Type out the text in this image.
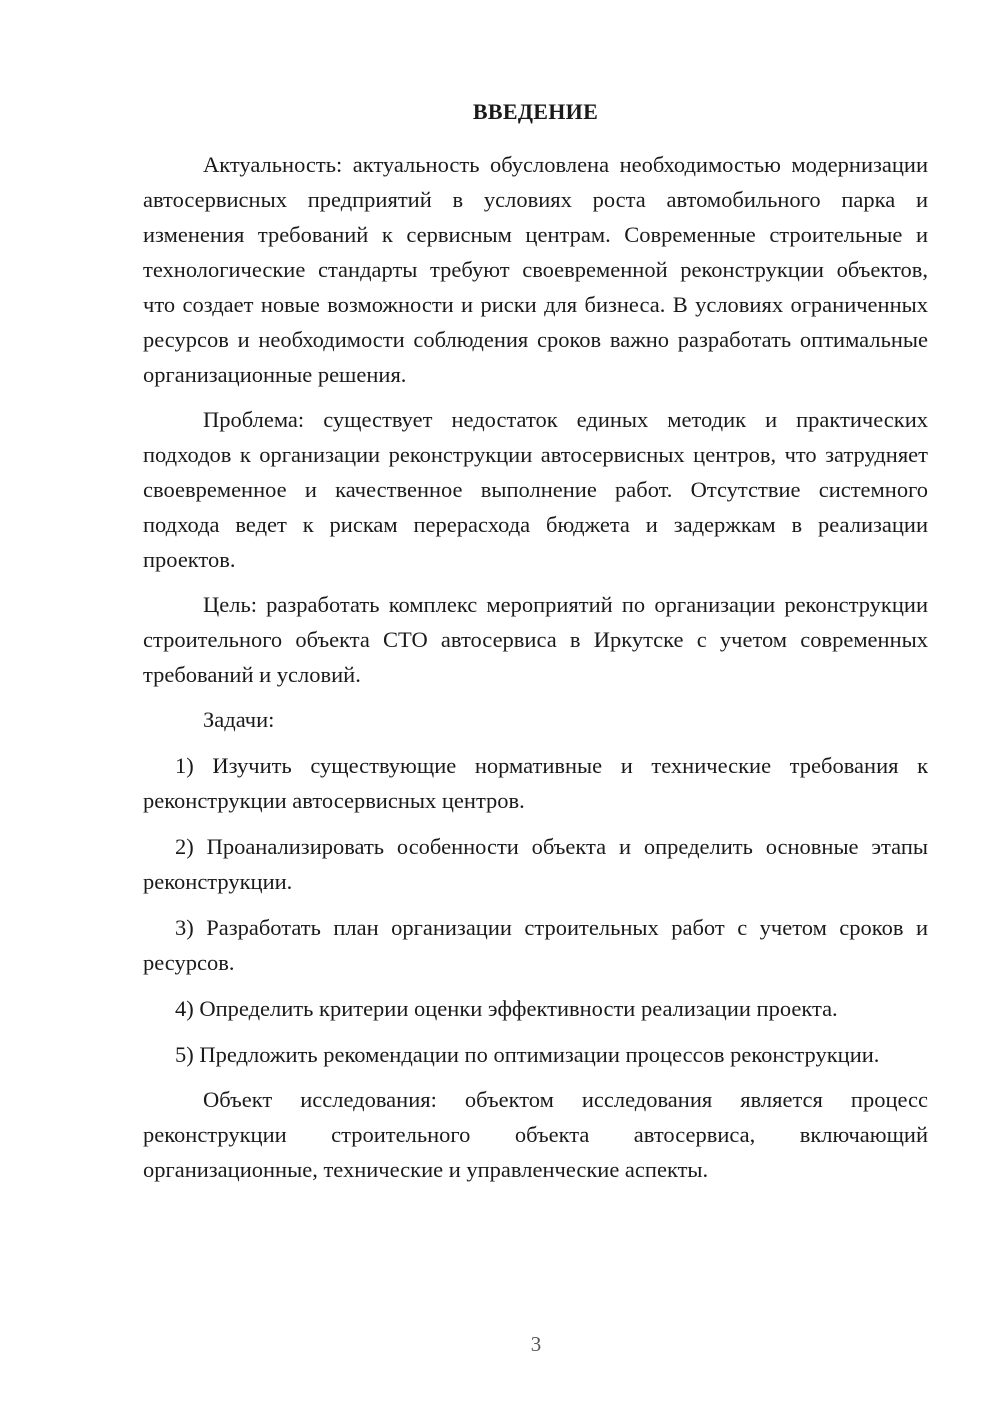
ВВЕДЕНИЕ

Актуальность: актуальность обусловлена необходимостью модернизации автосервисных предприятий в условиях роста автомобильного парка и изменения требований к сервисным центрам. Современные строительные и технологические стандарты требуют своевременной реконструкции объектов, что создает новые возможности и риски для бизнеса. В условиях ограниченных ресурсов и необходимости соблюдения сроков важно разработать оптимальные организационные решения.

Проблема: существует недостаток единых методик и практических подходов к организации реконструкции автосервисных центров, что затрудняет своевременное и качественное выполнение работ. Отсутствие системного подхода ведет к рискам перерасхода бюджета и задержкам в реализации проектов.

Цель: разработать комплекс мероприятий по организации реконструкции строительного объекта СТО автосервиса в Иркутске с учетом современных требований и условий.

Задачи:

1) Изучить существующие нормативные и технические требования к реконструкции автосервисных центров.

2) Проанализировать особенности объекта и определить основные этапы реконструкции.

3) Разработать план организации строительных работ с учетом сроков и ресурсов.

4) Определить критерии оценки эффективности реализации проекта.

5) Предложить рекомендации по оптимизации процессов реконструкции.

Объект исследования: объектом исследования является процесс реконструкции строительного объекта автосервиса, включающий организационные, технические и управленческие аспекты.

3
